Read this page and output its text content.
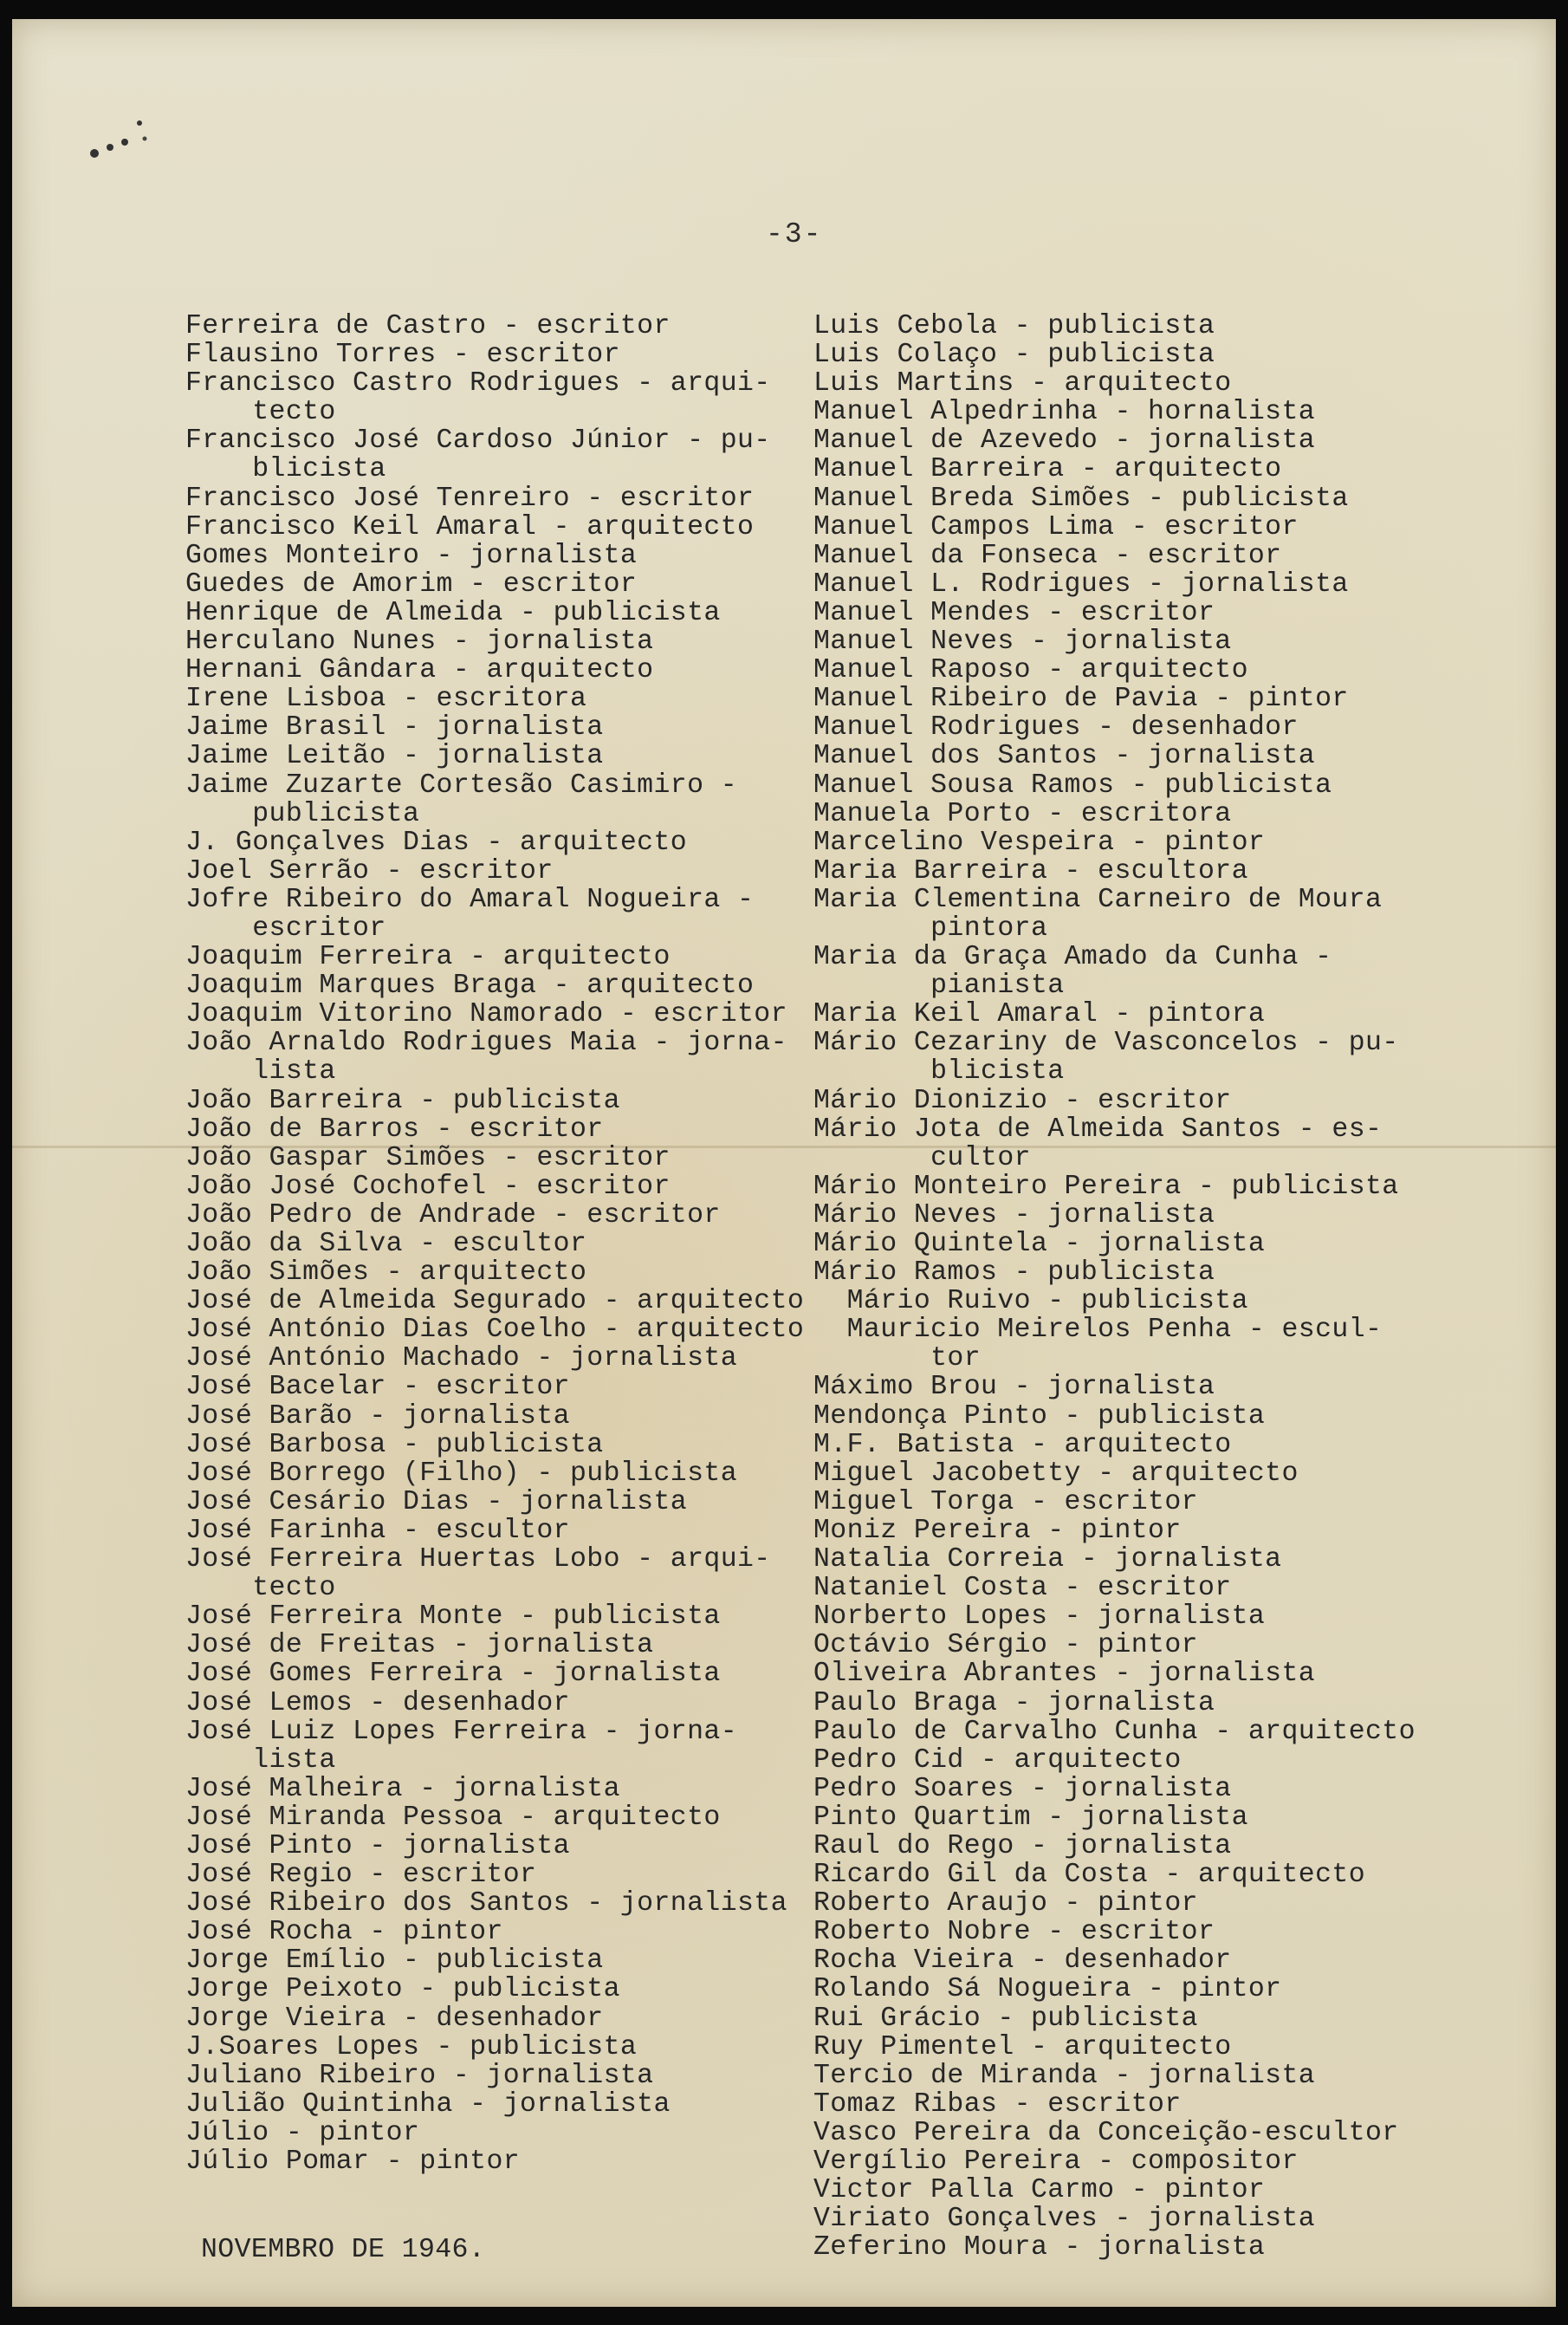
-3-
Ferreira de Castro - escritor
Flausino Torres - escritor
Francisco Castro Rodrigues - arqui-
tecto
Francisco José Cardoso Júnior - pu-
blicista
Francisco José Tenreiro - escritor
Francisco Keil Amaral - arquitecto
Gomes Monteiro - jornalista
Guedes de Amorim - escritor
Henrique de Almeida - publicista
Herculano Nunes - jornalista
Hernani Gândara - arquitecto
Irene Lisboa - escritora
Jaime Brasil - jornalista
Jaime Leitão - jornalista
Jaime Zuzarte Cortesão Casimiro -
publicista
J. Gonçalves Dias - arquitecto
Joel Serrão - escritor
Jofre Ribeiro do Amaral Nogueira -
escritor
Joaquim Ferreira - arquitecto
Joaquim Marques Braga - arquitecto
Joaquim Vitorino Namorado - escritor
João Arnaldo Rodrigues Maia - jorna-
lista
João Barreira - publicista
João de Barros - escritor
João Gaspar Simões - escritor
João José Cochofel - escritor
João Pedro de Andrade - escritor
João da Silva - escultor
João Simões - arquitecto
José de Almeida Segurado - arquitecto
José António Dias Coelho - arquitecto
José António Machado - jornalista
José Bacelar - escritor
José Barão - jornalista
José Barbosa - publicista
José Borrego (Filho) - publicista
José Cesário Dias - jornalista
José Farinha - escultor
José Ferreira Huertas Lobo - arqui-
tecto
José Ferreira Monte - publicista
José de Freitas - jornalista
José Gomes Ferreira - jornalista
José Lemos - desenhador
José Luiz Lopes Ferreira - jorna-
lista
José Malheira - jornalista
José Miranda Pessoa - arquitecto
José Pinto - jornalista
José Regio - escritor
José Ribeiro dos Santos - jornalista
José Rocha - pintor
Jorge Emílio - publicista
Jorge Peixoto - publicista
Jorge Vieira - desenhador
J.Soares Lopes - publicista
Juliano Ribeiro - jornalista
Julião Quintinha - jornalista
Júlio - pintor
Júlio Pomar - pintor
Luis Cebola - publicista
Luis Colaço - publicista
Luis Martins - arquitecto
Manuel Alpedrinha - hornalista
Manuel de Azevedo - jornalista
Manuel Barreira - arquitecto
Manuel Breda Simões - publicista
Manuel Campos Lima - escritor
Manuel da Fonseca - escritor
Manuel L. Rodrigues - jornalista
Manuel Mendes - escritor
Manuel Neves - jornalista
Manuel Raposo - arquitecto
Manuel Ribeiro de Pavia - pintor
Manuel Rodrigues - desenhador
Manuel dos Santos - jornalista
Manuel Sousa Ramos - publicista
Manuela Porto - escritora
Marcelino Vespeira - pintor
Maria Barreira - escultora
Maria Clementina Carneiro de Moura
pintora
Maria da Graça Amado da Cunha -
pianista
Maria Keil Amaral - pintora
Mário Cezariny de Vasconcelos - pu-
blicista
Mário Dionizio - escritor
Mário Jota de Almeida Santos - es-
cultor
Mário Monteiro Pereira - publicista
Mário Neves - jornalista
Mário Quintela - jornalista
Mário Ramos - publicista
Mário Ruivo - publicista
Mauricio Meirelos Penha - escul-
tor
Máximo Brou - jornalista
Mendonça Pinto - publicista
M.F. Batista - arquitecto
Miguel Jacobetty - arquitecto
Miguel Torga - escritor
Moniz Pereira - pintor
Natalia Correia - jornalista
Nataniel Costa - escritor
Norberto Lopes - jornalista
Octávio Sérgio - pintor
Oliveira Abrantes - jornalista
Paulo Braga - jornalista
Paulo de Carvalho Cunha - arquitecto
Pedro Cid - arquitecto
Pedro Soares - jornalista
Pinto Quartim - jornalista
Raul do Rego - jornalista
Ricardo Gil da Costa - arquitecto
Roberto Araujo - pintor
Roberto Nobre - escritor
Rocha Vieira - desenhador
Rolando Sá Nogueira - pintor
Rui Grácio - publicista
Ruy Pimentel - arquitecto
Tercio de Miranda - jornalista
Tomaz Ribas - escritor
Vasco Pereira da Conceição-escultor
Vergílio Pereira - compositor
Victor Palla Carmo - pintor
Viriato Gonçalves - jornalista
Zeferino Moura - jornalista
NOVEMBRO DE 1946.
